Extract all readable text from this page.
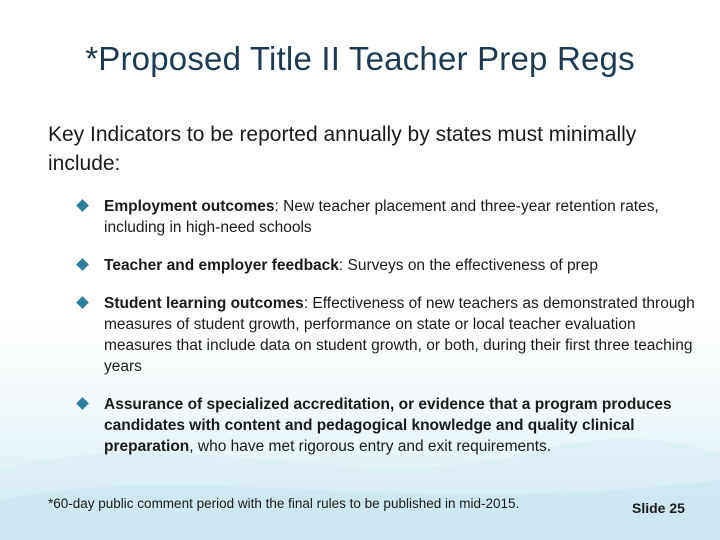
*Proposed Title II Teacher Prep Regs
Key Indicators to be reported annually by states must minimally include:
Employment outcomes: New teacher placement and three-year retention rates, including in high-need schools
Teacher and employer feedback: Surveys on the effectiveness of prep
Student learning outcomes: Effectiveness of new teachers as demonstrated through measures of student growth, performance on state or local teacher evaluation measures that include data on student growth, or both, during their first three teaching years
Assurance of specialized accreditation, or evidence that a program produces candidates with content and pedagogical knowledge and quality clinical preparation, who have met rigorous entry and exit requirements.
*60-day public comment period with the final rules to be published in mid-2015.	Slide 25
